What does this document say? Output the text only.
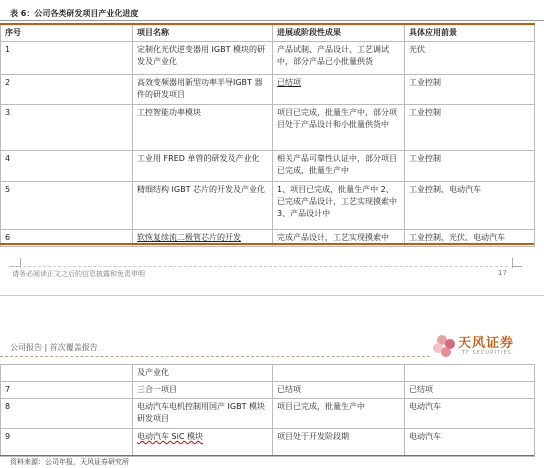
表 6：公司各类研发项目产业化进度
序号	项目名称	进展或阶段性成果	具体应用前景
1	定制化光伏逆变器用 IGBT 模块的研发及产业化	产品试制、产品设计、工艺调试中，部分产品已小批量供货	光伏
2	高效变频器用新型功率半导IGBT 器件的研发项目	已结项	工业控制
3	工控智能功率模块	项目已完成，批量生产中，部分项目处于产品设计和小批量供货中	工业控制
4	工业用 FRED 单管的研发及产业化	相关产品可靠性认证中，部分项目已完成，批量生产中	工业控制
5	精细结构 IGBT 芯片的开发及产业化	1、项目已完成，批量生产中 2、已完成产品设计，工艺实现摸索中 3、产品设计中	工业控制、电动汽车
6	软恢复续流二极管芯片的开发	完成产品设计，工艺实现摸索中	工业控制、光伏、电动汽车
请务必阅读正文之后的信息披露和免责申明	17
公司报告 | 首次覆盖报告	天风证券
TF SECURITIES
	及产业化		
7	三合一项目	已结项	已结项
8	电动汽车电机控制用国产 IGBT 模块研发项目	项目已完成，批量生产中	电动汽车
9	电动汽车 SiC 模块	项目处于开发阶段期	电动汽车
资料来源：公司年报，天风证券研究所
